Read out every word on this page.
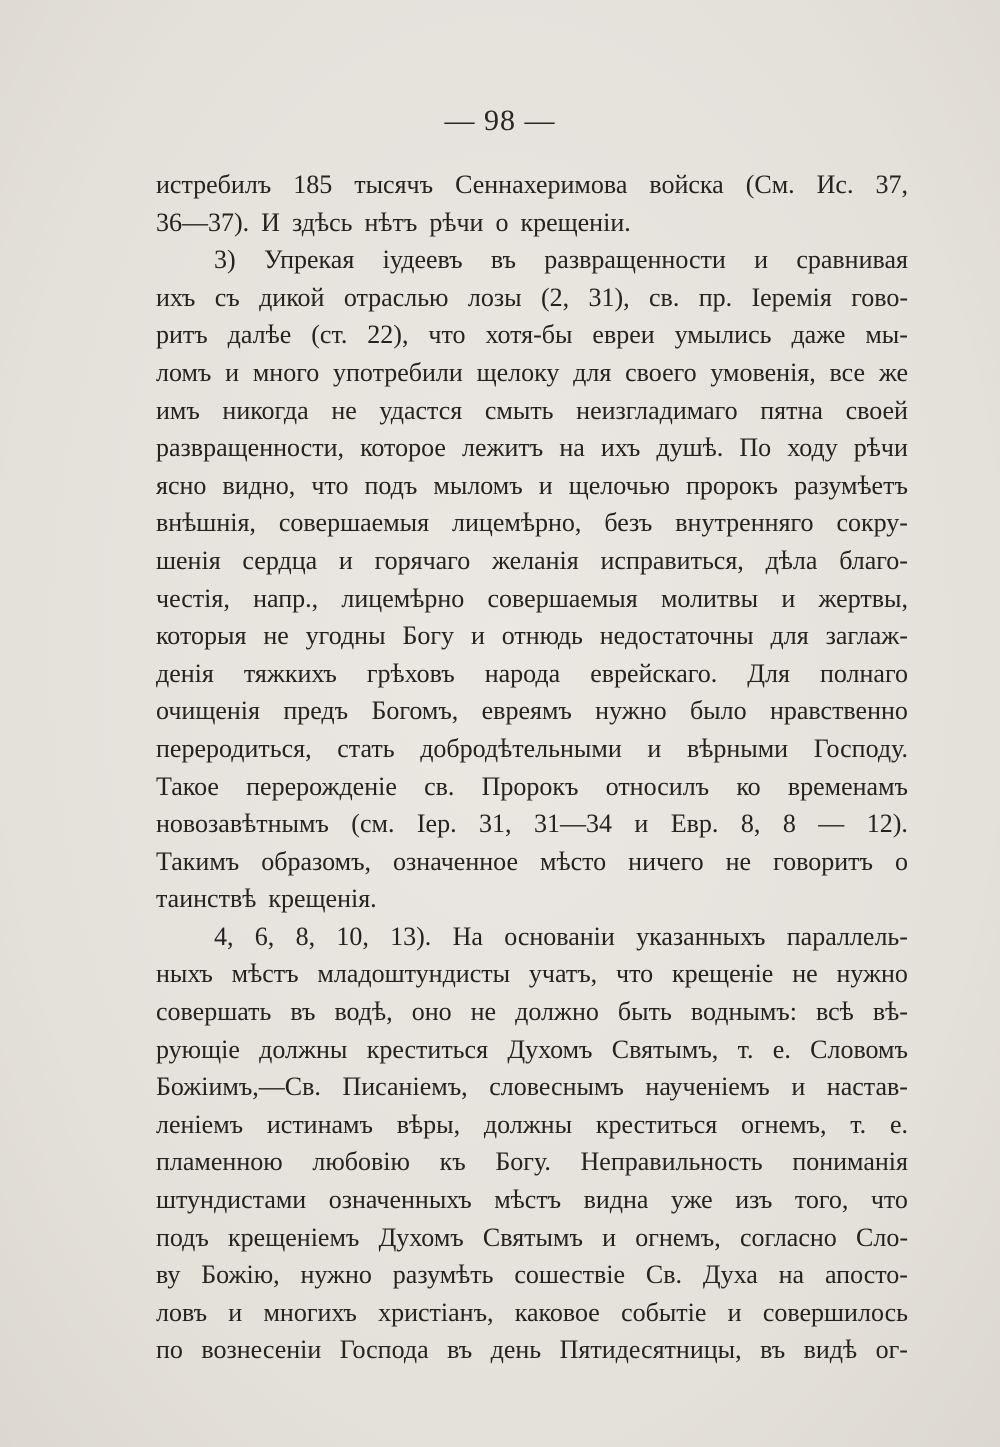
— 98 —
истребилъ 185 тысячъ Сеннахеримова войска (См. Ис. 37,
36—37). И здѣсь нѣтъ рѣчи о крещеніи.
3) Упрекая іудеевъ въ развращенности и сравнивая
ихъ съ дикой отраслью лозы (2, 31), св. пр. Іеремія гово-
ритъ далѣе (ст. 22), что хотя-бы евреи умылись даже мы-
ломъ и много употребили щелоку для своего умовенія, все же
имъ никогда не удастся смыть неизгладимаго пятна своей
развращенности, которое лежитъ на ихъ душѣ. По ходу рѣчи
ясно видно, что подъ мыломъ и щелочью пророкъ разумѣетъ
внѣшнія, совершаемыя лицемѣрно, безъ внутренняго сокру-
шенія сердца и горячаго желанія исправиться, дѣла благо-
честія, напр., лицемѣрно совершаемыя молитвы и жертвы,
которыя не угодны Богу и отнюдь недостаточны для заглаж-
денія тяжкихъ грѣховъ народа еврейскаго. Для полнаго
очищенія предъ Богомъ, евреямъ нужно было нравственно
переродиться, стать добродѣтельными и вѣрными Господу.
Такое перерожденіе св. Пророкъ относилъ ко временамъ
новозавѣтнымъ (см. Іер. 31, 31—34 и Евр. 8, 8 — 12).
Такимъ образомъ, означенное мѣсто ничего не говоритъ о
таинствѣ крещенія.
4, 6, 8, 10, 13). На основаніи указанныхъ параллель-
ныхъ мѣстъ младоштундисты учатъ, что крещеніе не нужно
совершать въ водѣ, оно не должно быть воднымъ: всѣ вѣ-
рующіе должны креститься Духомъ Святымъ, т. е. Словомъ
Божіимъ,—Св. Писаніемъ, словеснымъ наученіемъ и настав-
леніемъ истинамъ вѣры, должны креститься огнемъ, т. е.
пламенною любовію къ Богу. Неправильность пониманія
штундистами означенныхъ мѣстъ видна уже изъ того, что
подъ крещеніемъ Духомъ Святымъ и огнемъ, согласно Сло-
ву Божію, нужно разумѣть сошествіе Св. Духа на апосто-
ловъ и многихъ христіанъ, каковое событіе и совершилось
по вознесеніи Господа въ день Пятидесятницы, въ видѣ ог-
